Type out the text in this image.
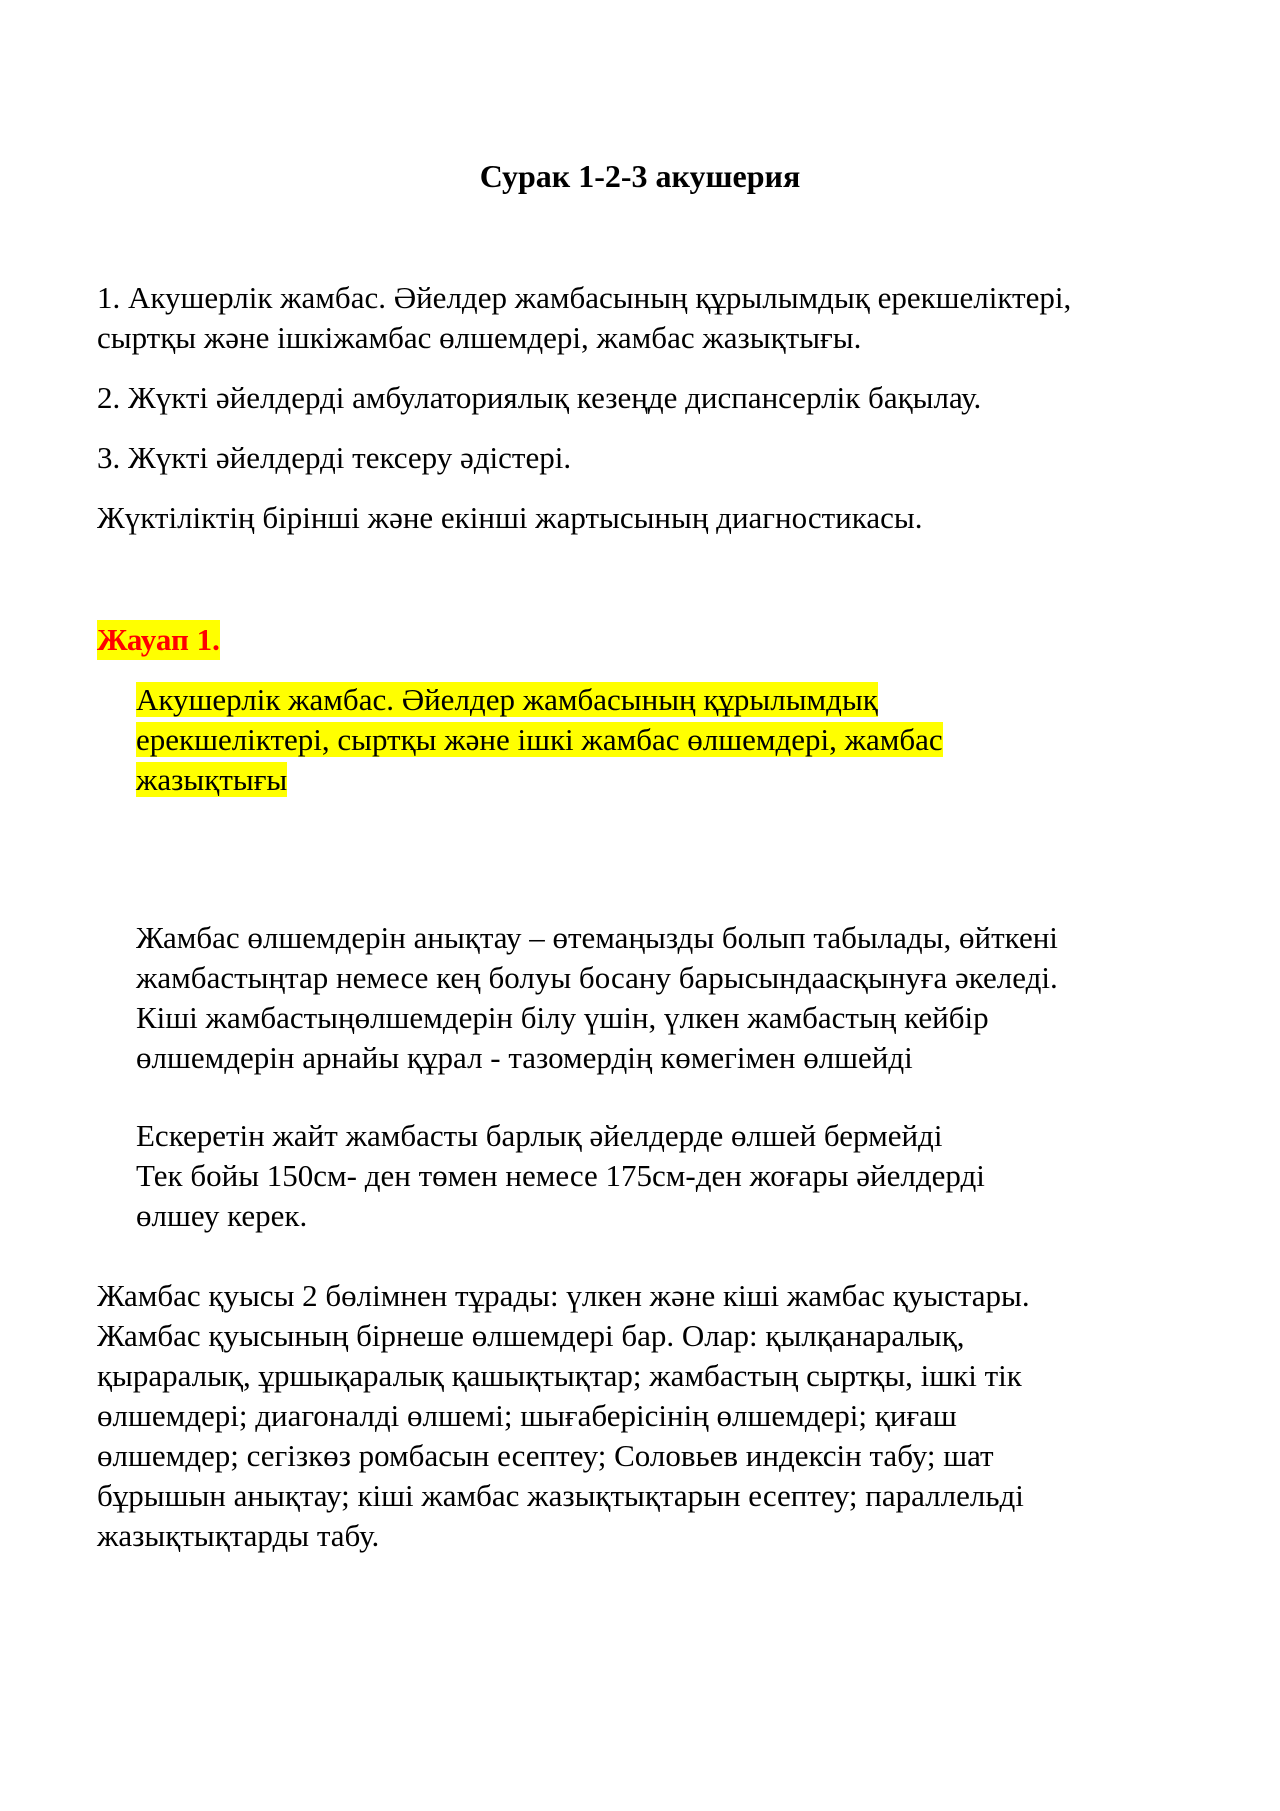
Сурак 1-2-3 акушерия

1. Акушерлік жамбас. Әйелдер жамбасының құрылымдық ерекшеліктері,
сыртқы және ішкіжамбас өлшемдері, жамбас жазықтығы.

2. Жүкті әйелдерді амбулаториялық кезеңде диспансерлік бақылау.

3. Жүкті әйелдерді тексеру әдістері.

Жүктіліктің бірінші және екінші жартысының диагностикасы.

Жауап 1.
Акушерлік жамбас. Әйелдер жамбасының құрылымдық
ерекшеліктері, сыртқы және ішкі жамбас өлшемдері, жамбас
жазықтығы
Жамбас өлшемдерін анықтау – өтемаңызды болып табылады, өйткені
жамбастыңтар немесе кең болуы босану барысындаасқынуға әкеледі.
Кіші жамбастыңөлшемдерін білу үшін, үлкен жамбастың кейбір
өлшемдерін арнайы құрал - тазомердің көмегімен өлшейді
Ескеретін жайт жамбасты барлық әйелдерде өлшей бермейді
Тек бойы 150см- ден төмен немесе 175см-ден жоғары әйелдерді
өлшеу керек.
Жамбас қуысы 2 бөлімнен тұрады: үлкен және кіші жамбас қуыстары.
Жамбас қуысының бірнеше өлшемдері бар. Олар: қылқанаралық,
қыраралық, ұршықаралық қашықтықтар; жамбастың сыртқы, ішкі тік
өлшемдері; диагоналді өлшемі; шығаберісінің өлшемдері; қиғаш
өлшемдер; сегізкөз ромбасын есептеу; Соловьев индексін табу; шат
бұрышын анықтау; кіші жамбас жазықтықтарын есептеу; параллельді
жазықтықтарды табу.
